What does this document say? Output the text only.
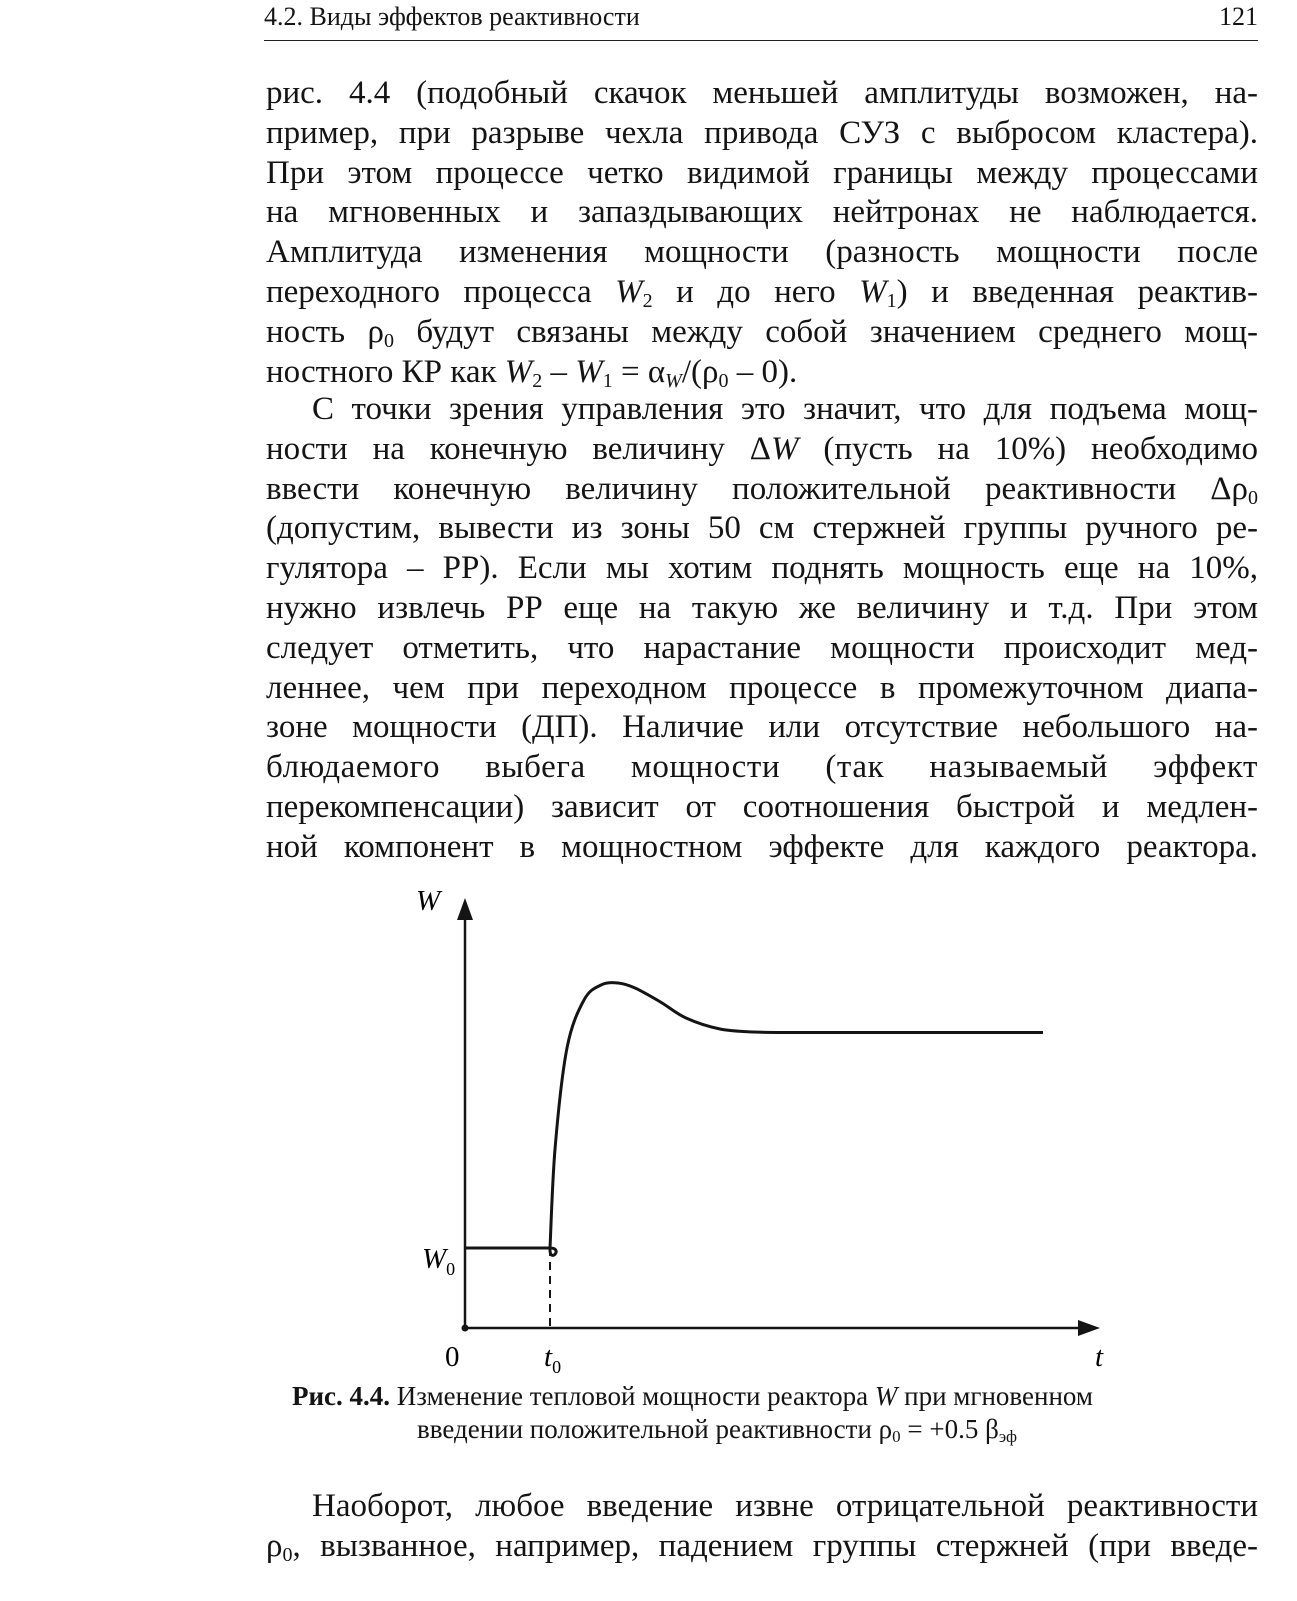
4.2. Виды эффектов реактивности	121
рис. 4.4 (подобный скачок меньшей амплитуды возможен, на-
пример, при разрыве чехла привода СУЗ с выбросом кластера).
При этом процессе четко видимой границы между процессами
на мгновенных и запаздывающих нейтронах не наблюдается.
Амплитуда изменения мощности (разность мощности после
переходного процесса $W_2$ и до него $W_1$) и введенная реактив-
ность $\rho_0$ будут связаны между собой значением среднего мощ-
ностного КР как $W_2 - W_1 = \alpha_W/(\rho_0 - 0)$.
С точки зрения управления это значит, что для подъема мощ-
ности на конечную величину ΔW (пусть на 10%) необходимо
ввести конечную величину положительной реактивности $\Delta\rho_0$
(допустим, вывести из зоны 50 см стержней группы ручного ре-
гулятора – РР). Если мы хотим поднять мощность еще на 10%,
нужно извлечь РР еще на такую же величину и т.д. При этом
следует отметить, что нарастание мощности происходит мед-
леннее, чем при переходном процессе в промежуточном диапа-
зоне мощности (ДП). Наличие или отсутствие небольшого на-
блюдаемого выбега мощности (так называемый эффект
перекомпенсации) зависит от соотношения быстрой и медлен-
ной компонент в мощностном эффекте для каждого реактора.
W
t
0
$W_0$
$t_0$
Рис. 4.4. Изменение тепловой мощности реактора W при мгновенном
введении положительной реактивности $\rho_0 = +0.5$ $\beta_{эф}$
Наоборот, любое введение извне отрицательной реактивности
$\rho_0$, вызванное, например, падением группы стержней (при введе-
